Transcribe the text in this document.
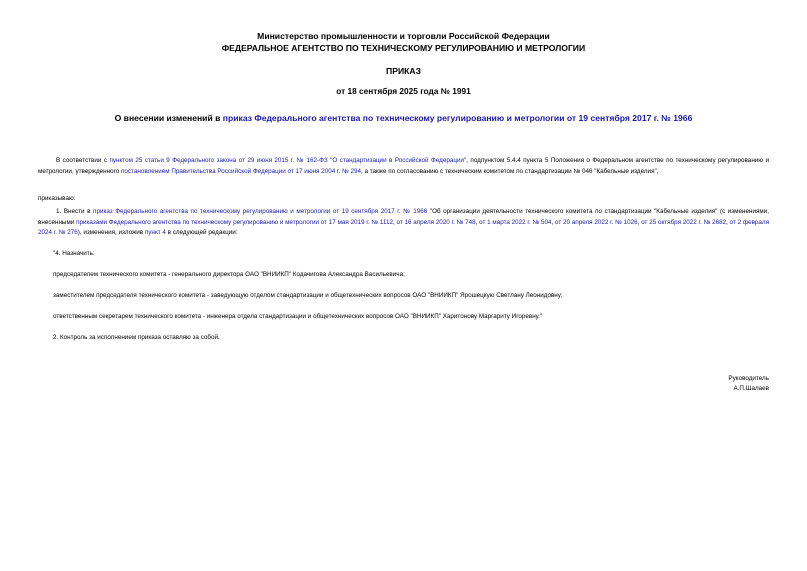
Министерство промышленности и торговли Российской Федерации
ФЕДЕРАЛЬНОЕ АГЕНТСТВО ПО ТЕХНИЧЕСКОМУ РЕГУЛИРОВАНИЮ И МЕТРОЛОГИИ
ПРИКАЗ
от 18 сентября 2025 года № 1991
О внесении изменений в приказ Федерального агентства по техническому регулированию и метрологии от 19 сентября 2017 г. № 1966
В соответствии с пунктом 25 статьи 9 Федерального закона от 29 июня 2015 г. № 162-ФЗ "О стандартизации в Российской Федерации", подпунктом 5.4.4 пункта 5 Положения о Федеральном агентстве по техническому регулированию и метрологии, утвержденного постановлением Правительства Российской Федерации от 17 июня 2004 г. № 294, а также по согласованию с техническим комитетом по стандартизации № 046 "Кабельные изделия",
приказываю:
1. Внести в приказ Федерального агентства по техническому регулированию и метрологии от 19 сентября 2017 г. № 1966 "Об организации деятельности технического комитета по стандартизации "Кабельные изделия" (с изменениями, внесенными приказами Федерального агентства по техническому регулированию и метрологии от 17 мая 2019 г. № 1112, от 16 апреля 2020 г. № 748, от 1 марта 2022 г. № 504, от 20 апреля 2022 г. № 1026, от 25 октября 2022 г. № 2682, от 2 февраля 2024 г. № 276), изменения, изложив пункт 4 в следующей редакции:
"4. Назначить:
председателем технического комитета - генерального директора ОАО "ВНИИКП" Кодачигова Александра Васильевича;
заместителем председателя технического комитета - заведующую отделом стандартизации и общетехнических вопросов ОАО "ВНИИКП" Ярошецкую Светлану Леонидовну;
ответственным секретарем технического комитета - инженера отдела стандартизации и общетехнических вопросов ОАО "ВНИИКП" Харитонову Маргариту Игоревну."
2. Контроль за исполнением приказа оставляю за собой.
Руководитель
А.П.Шалаев
